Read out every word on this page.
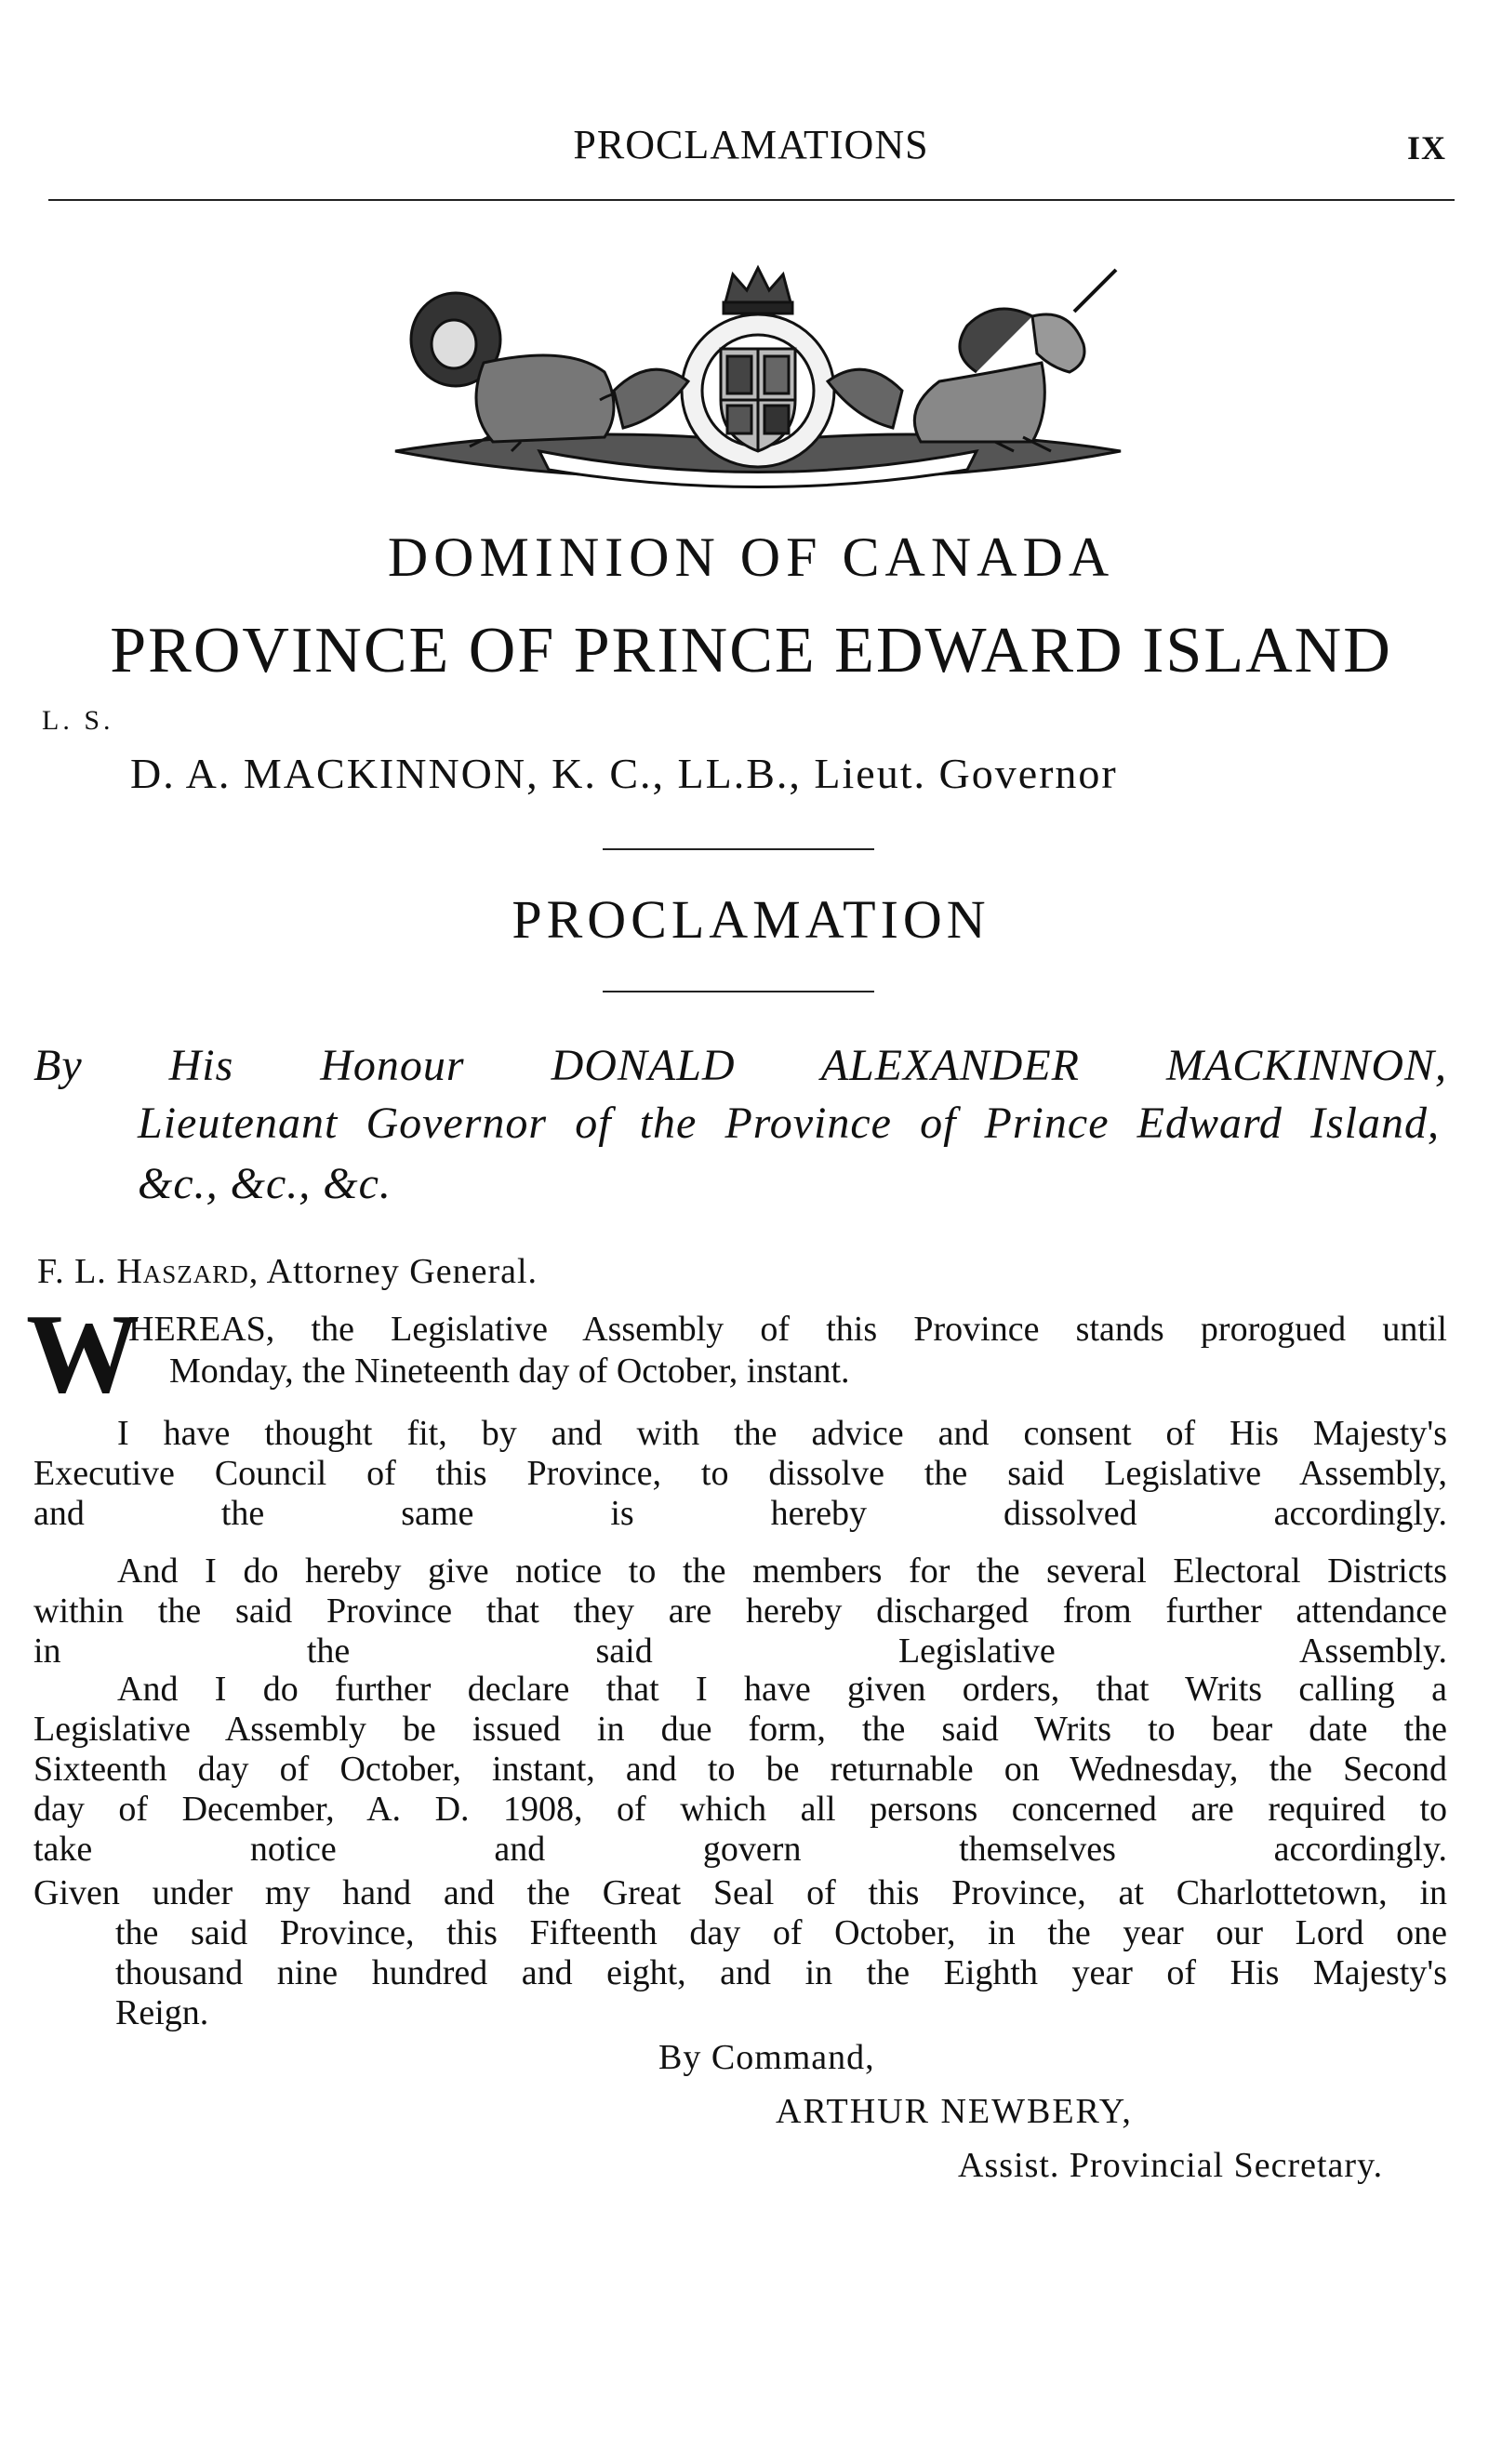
PROCLAMATIONS	IX
DOMINION OF CANADA
PROVINCE OF PRINCE EDWARD ISLAND
L. S.
D. A. MACKINNON, K. C., LL.B., Lieut. Governor
PROCLAMATION
By His Honour DONALD ALEXANDER MACKINNON,
Lieutenant Governor of the Province of Prince Edward Island,
&c., &c., &c.
F. L. Haszard, Attorney General.
W
HEREAS, the Legislative Assembly of this Province stands prorogued until
Monday, the Nineteenth day of October, instant.
I have thought fit, by and with the advice and consent of His Majesty's
Executive Council of this Province, to dissolve the said Legislative Assembly,
and the same is hereby dissolved accordingly.
And I do hereby give notice to the members for the several Electoral Districts
within the said Province that they are hereby discharged from further attendance
in the said Legislative Assembly.
And I do further declare that I have given orders, that Writs calling a
Legislative Assembly be issued in due form, the said Writs to bear date the
Sixteenth day of October, instant, and to be returnable on Wednesday, the Second
day of December, A. D. 1908, of which all persons concerned are required to
take notice and govern themselves accordingly.
Given under my hand and the Great Seal of this Province, at Charlottetown, in
the said Province, this Fifteenth day of October, in the year our Lord one
thousand nine hundred and eight, and in the Eighth year of His Majesty's
Reign.
By Command,
ARTHUR NEWBERY,
Assist. Provincial Secretary.
